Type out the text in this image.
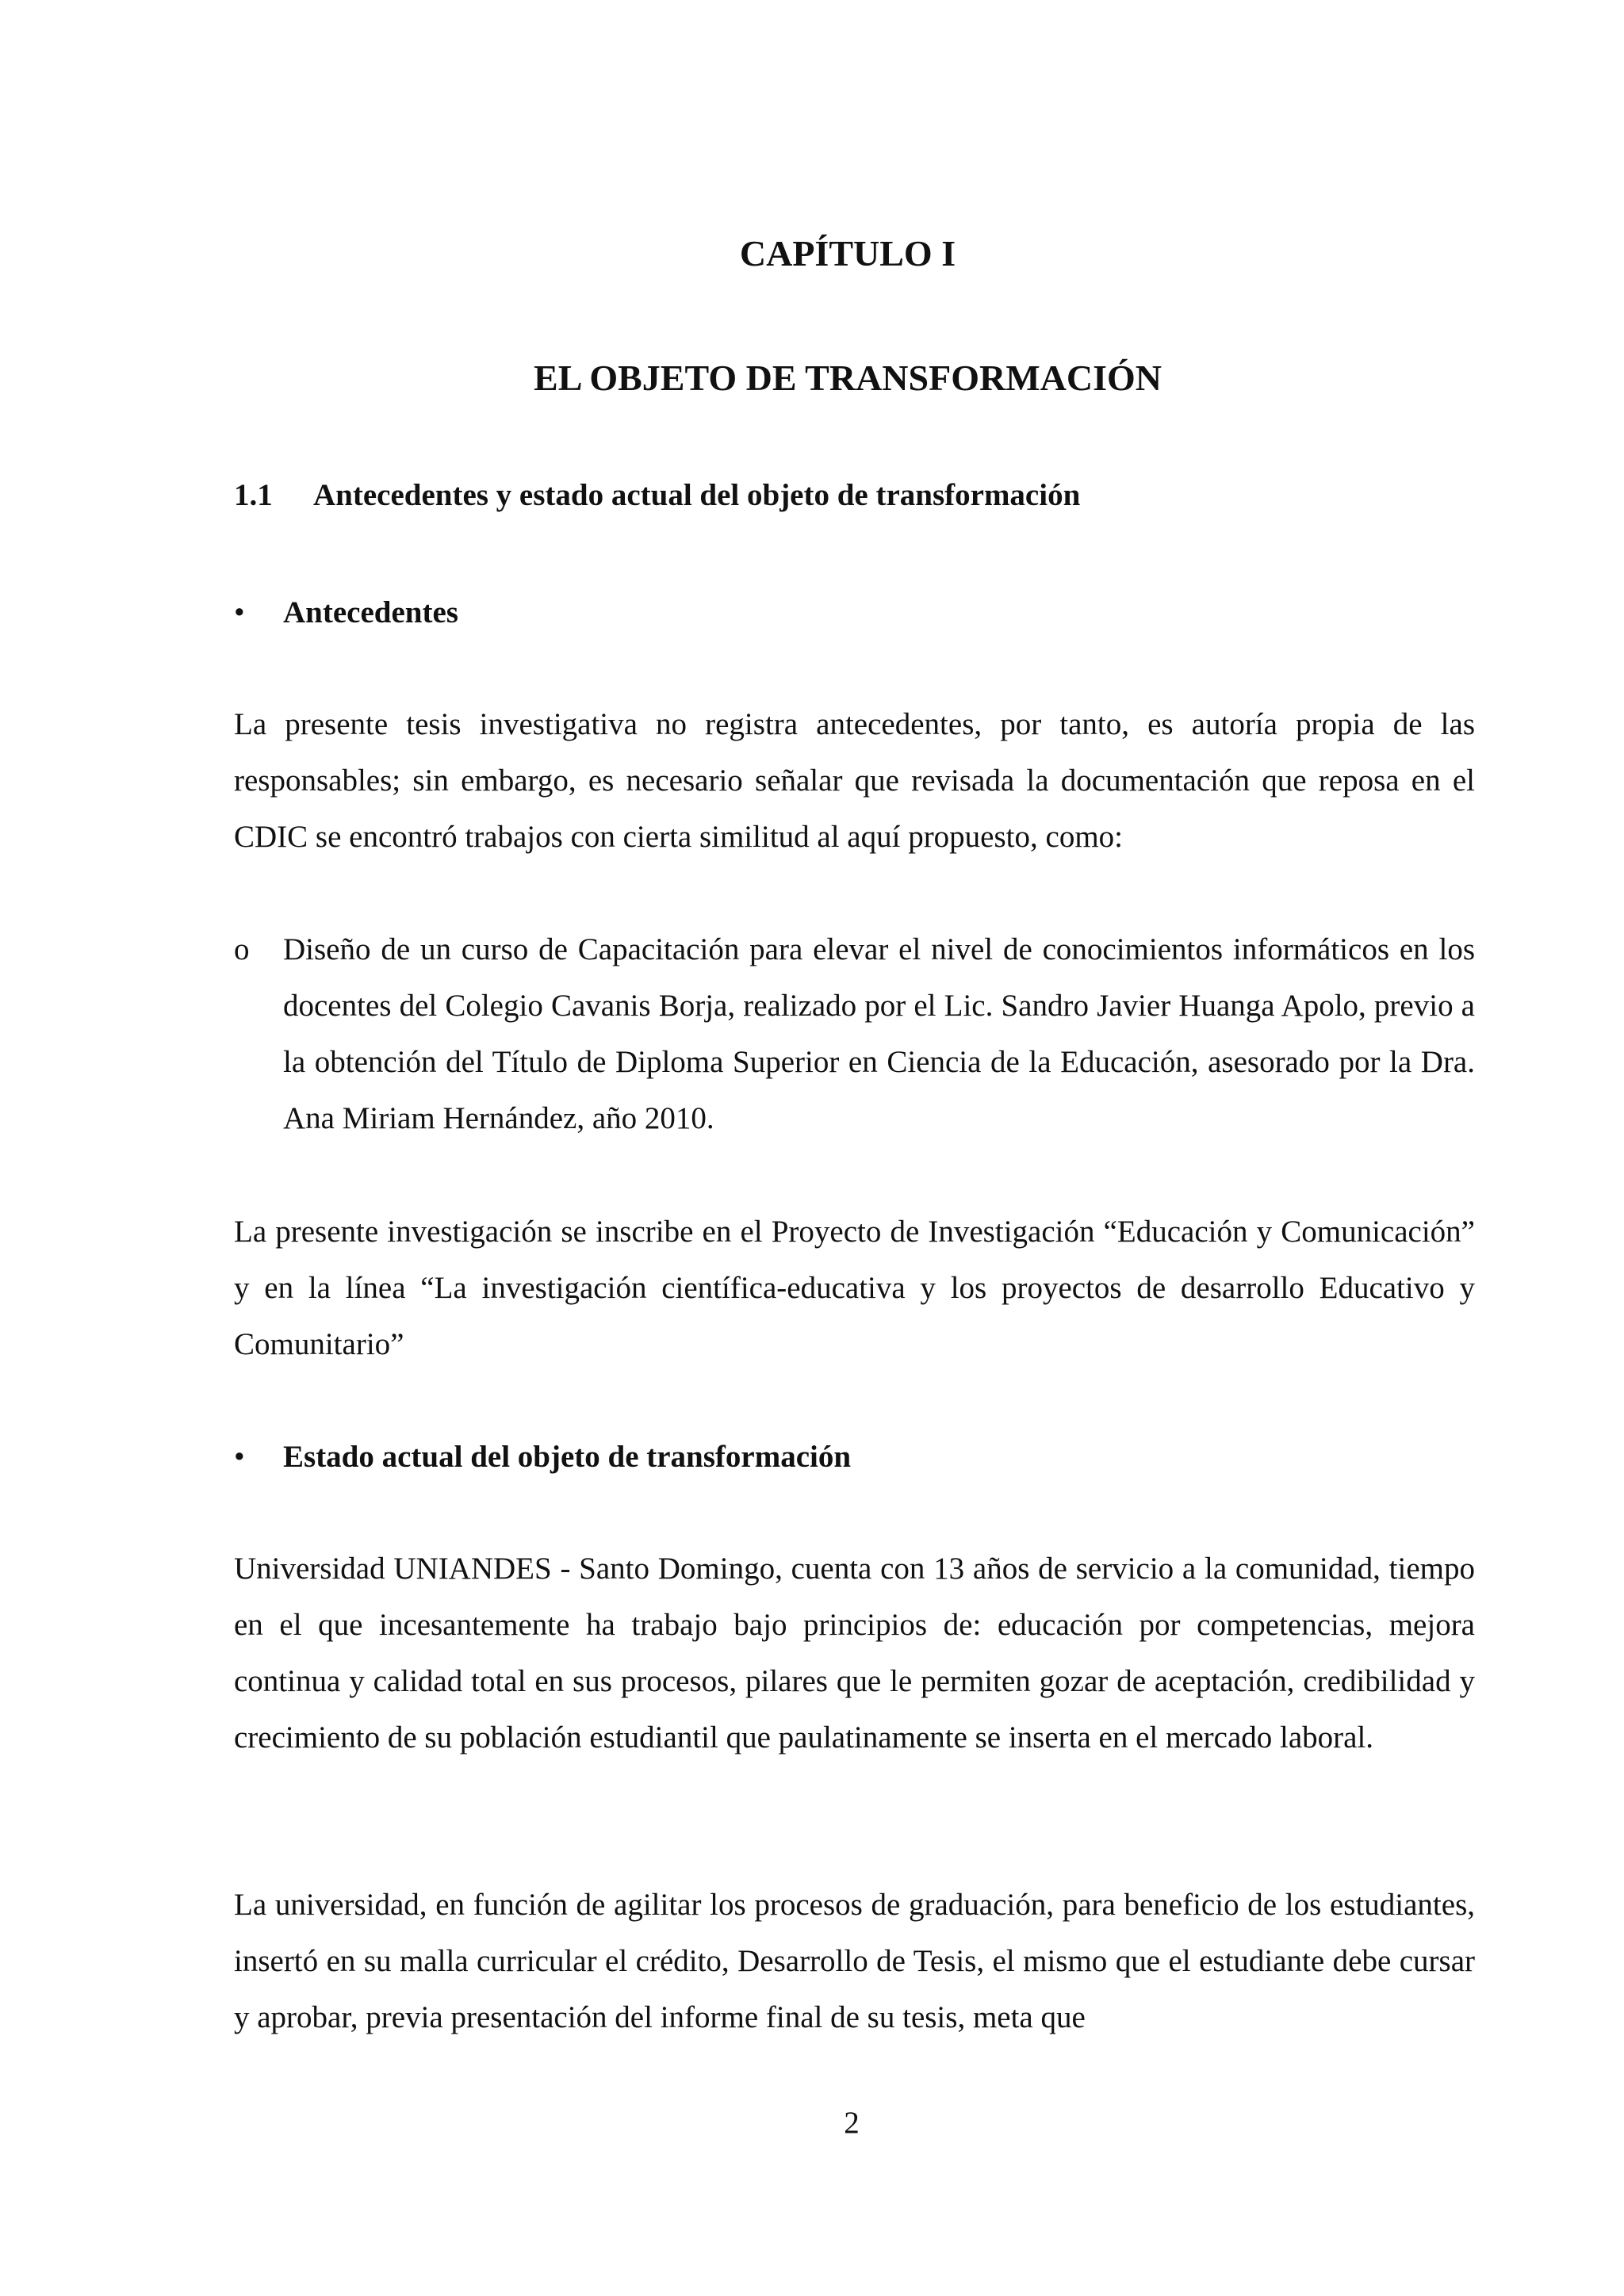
CAPÍTULO I
EL OBJETO DE TRANSFORMACIÓN
1.1 Antecedentes y estado actual del objeto de transformación
• Antecedentes

La presente tesis investigativa no registra antecedentes, por tanto, es autoría propia de las responsables; sin embargo, es necesario señalar que revisada la documentación que reposa en el CDIC se encontró trabajos con cierta similitud al aquí propuesto, como:

o	Diseño de un curso de Capacitación para elevar el nivel de conocimientos informáticos en los docentes del Colegio Cavanis Borja, realizado por el Lic. Sandro Javier Huanga Apolo, previo a la obtención del Título de Diploma Superior en Ciencia de la Educación, asesorado por la Dra. Ana Miriam Hernández, año 2010.

La presente investigación se inscribe en el Proyecto de Investigación “Educación y Comunicación” y en la línea “La investigación científica-educativa y los proyectos de desarrollo Educativo y Comunitario”

• Estado actual del objeto de transformación

Universidad UNIANDES - Santo Domingo, cuenta con 13 años de servicio a la comunidad, tiempo en el que incesantemente ha trabajo bajo principios de: educación por competencias, mejora continua y calidad total en sus procesos, pilares que le permiten gozar de aceptación, credibilidad y crecimiento de su población estudiantil que paulatinamente se inserta en el mercado laboral.

La universidad, en función de agilitar los procesos de graduación, para beneficio de los estudiantes, insertó en su malla curricular el crédito, Desarrollo de Tesis, el mismo que el estudiante debe cursar y aprobar, previa presentación del informe final de su tesis, meta que

2
